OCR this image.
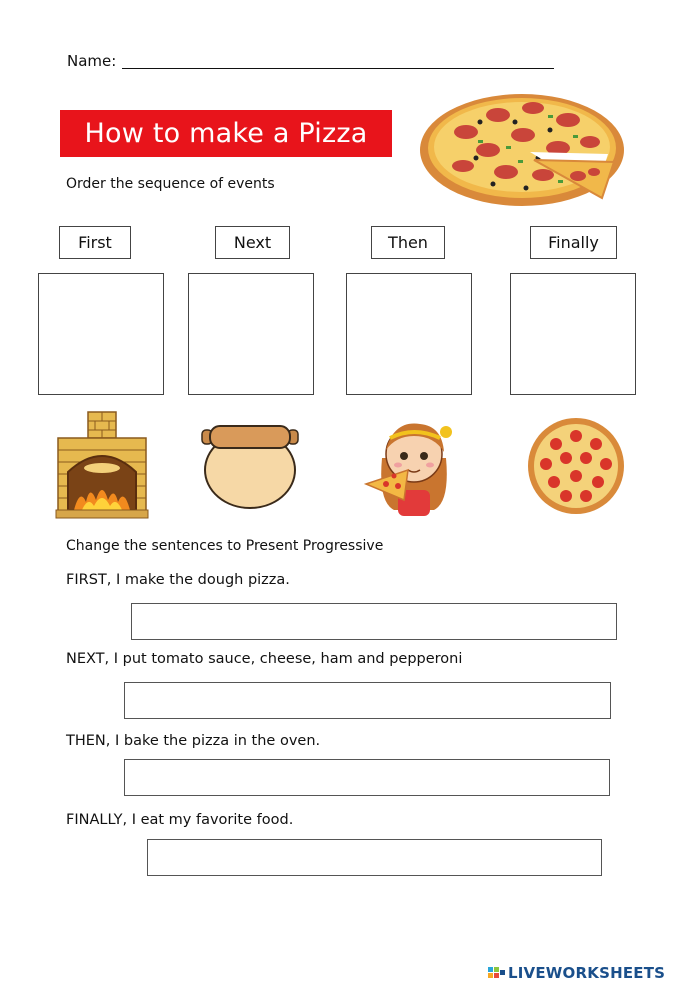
Name:
How to make a Pizza
Order the sequence of events
First	Next	Then	Finally
Change the sentences to Present Progressive
FIRST, I make the dough pizza.
NEXT, I put tomato sauce, cheese, ham and pepperoni
THEN, I bake the pizza in the oven.
FINALLY, I eat my favorite food.
LIVEWORKSHEETS
